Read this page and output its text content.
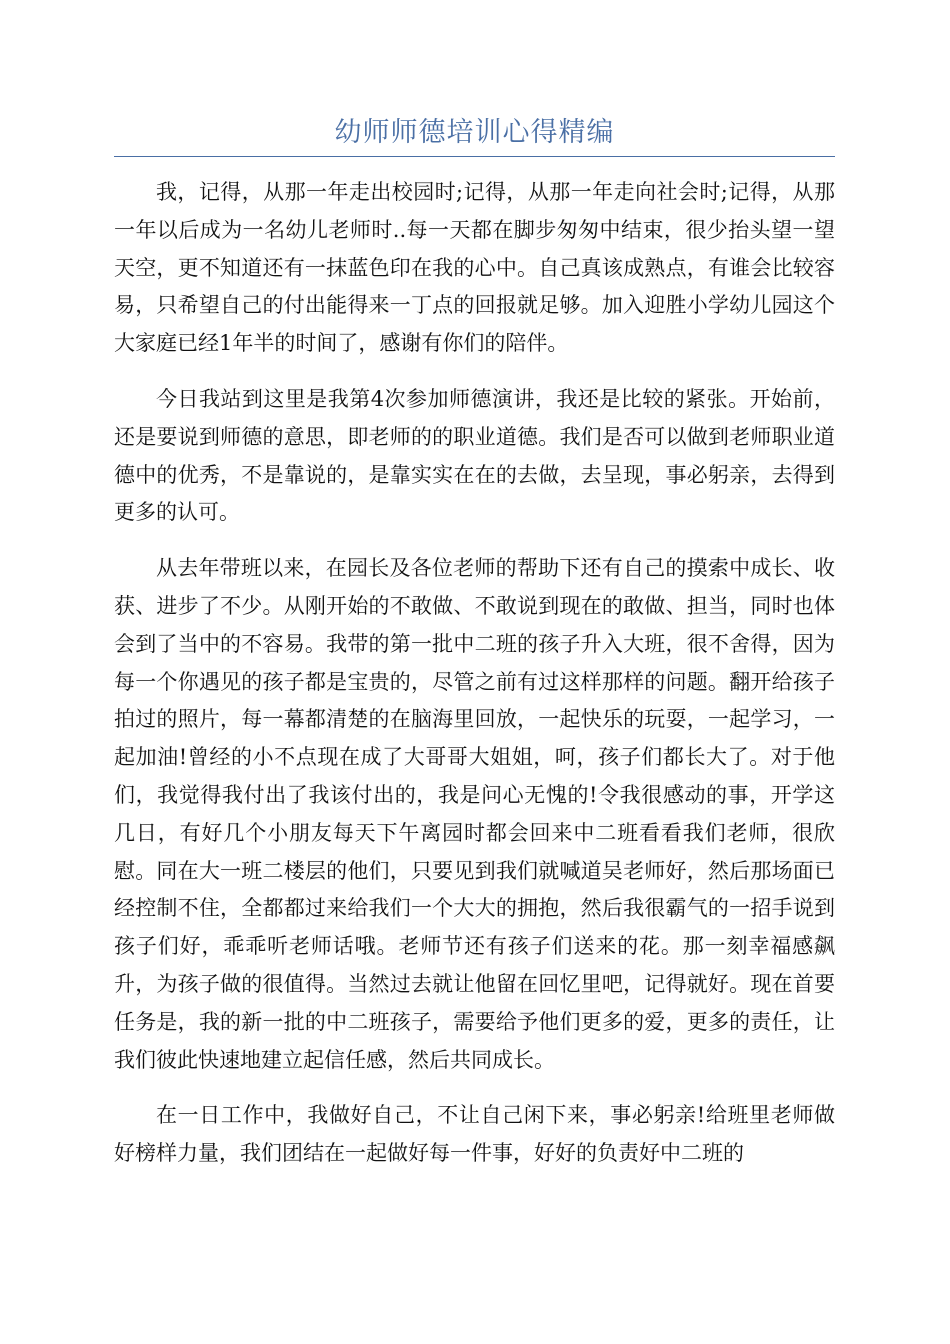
幼师师德培训心得精编

我，记得，从那一年走出校园时;记得，从那一年走向社会时;记得，从那一年以后成为一名幼儿老师时..每一天都在脚步匆匆中结束，很少抬头望一望天空，更不知道还有一抹蓝色印在我的心中。自己真该成熟点，有谁会比较容易，只希望自己的付出能得来一丁点的回报就足够。加入迎胜小学幼儿园这个大家庭已经1年半的时间了，感谢有你们的陪伴。

今日我站到这里是我第4次参加师德演讲，我还是比较的紧张。开始前，还是要说到师德的意思，即老师的的职业道德。我们是否可以做到老师职业道德中的优秀，不是靠说的，是靠实实在在的去做，去呈现，事必躬亲，去得到更多的认可。

从去年带班以来，在园长及各位老师的帮助下还有自己的摸索中成长、收获、进步了不少。从刚开始的不敢做、不敢说到现在的敢做、担当，同时也体会到了当中的不容易。我带的第一批中二班的孩子升入大班，很不舍得，因为每一个你遇见的孩子都是宝贵的，尽管之前有过这样那样的问题。翻开给孩子拍过的照片，每一幕都清楚的在脑海里回放，一起快乐的玩耍，一起学习，一起加油!曾经的小不点现在成了大哥哥大姐姐，呵，孩子们都长大了。对于他们，我觉得我付出了我该付出的，我是问心无愧的!令我很感动的事，开学这几日，有好几个小朋友每天下午离园时都会回来中二班看看我们老师，很欣慰。同在大一班二楼层的他们，只要见到我们就喊道吴老师好，然后那场面已经控制不住，全都都过来给我们一个大大的拥抱，然后我很霸气的一招手说到孩子们好，乖乖听老师话哦。老师节还有孩子们送来的花。那一刻幸福感飙升，为孩子做的很值得。当然过去就让他留在回忆里吧，记得就好。现在首要任务是，我的新一批的中二班孩子，需要给予他们更多的爱，更多的责任，让我们彼此快速地建立起信任感，然后共同成长。

在一日工作中，我做好自己，不让自己闲下来，事必躬亲!给班里老师做好榜样力量，我们团结在一起做好每一件事，好好的负责好中二班的
